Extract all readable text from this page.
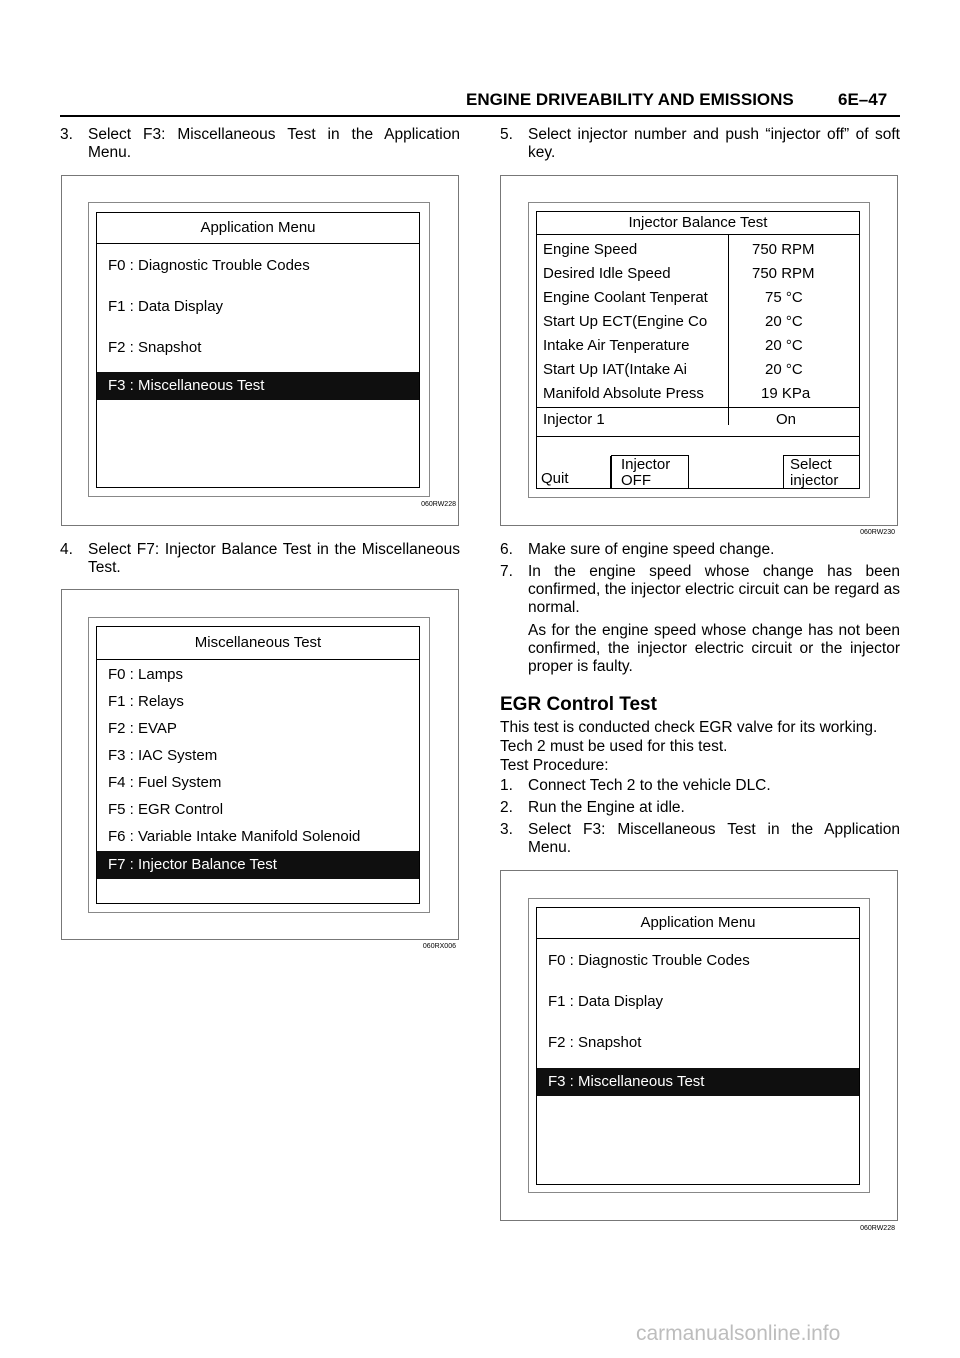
ENGINE DRIVEABILITY AND EMISSIONS	6E–47
3. Select F3: Miscellaneous Test in the Application Menu.
Application Menu
F0 : Diagnostic Trouble Codes
F1 : Data Display
F2 : Snapshot
F3 : Miscellaneous Test
060RW228
4. Select F7: Injector Balance Test in the Miscellaneous Test.
Miscellaneous Test
F0 : Lamps
F1 : Relays
F2 : EVAP
F3 : IAC System
F4 : Fuel System
F5 : EGR Control
F6 : Variable Intake Manifold Solenoid
F7 : Injector Balance Test
060RX006
5. Select injector number and push “injector off” of soft key.
Injector Balance Test
Engine Speed	750 RPM
Desired Idle Speed	750 RPM
Engine Coolant Tenperat	75 °C
Start Up ECT(Engine Co	20 °C
Intake Air Tenperature	20 °C
Start Up IAT(Intake Ai	20 °C
Manifold Absolute Press	19 KPa
Injector 1	On
Quit
Injector
OFF
Select
injector
060RW230
6. Make sure of engine speed change.
7. In the engine speed whose change has been confirmed, the injector electric circuit can be regard as normal.
As for the engine speed whose change has not been confirmed, the injector electric circuit or the injector proper is faulty.
EGR Control Test
This test is conducted check EGR valve for its working.
Tech 2 must be used for this test.
Test Procedure:
1. Connect Tech 2 to the vehicle DLC.
2. Run the Engine at idle.
3. Select F3: Miscellaneous Test in the Application Menu.
Application Menu
F0 : Diagnostic Trouble Codes
F1 : Data Display
F2 : Snapshot
F3 : Miscellaneous Test
060RW228
carmanualsonline.info
